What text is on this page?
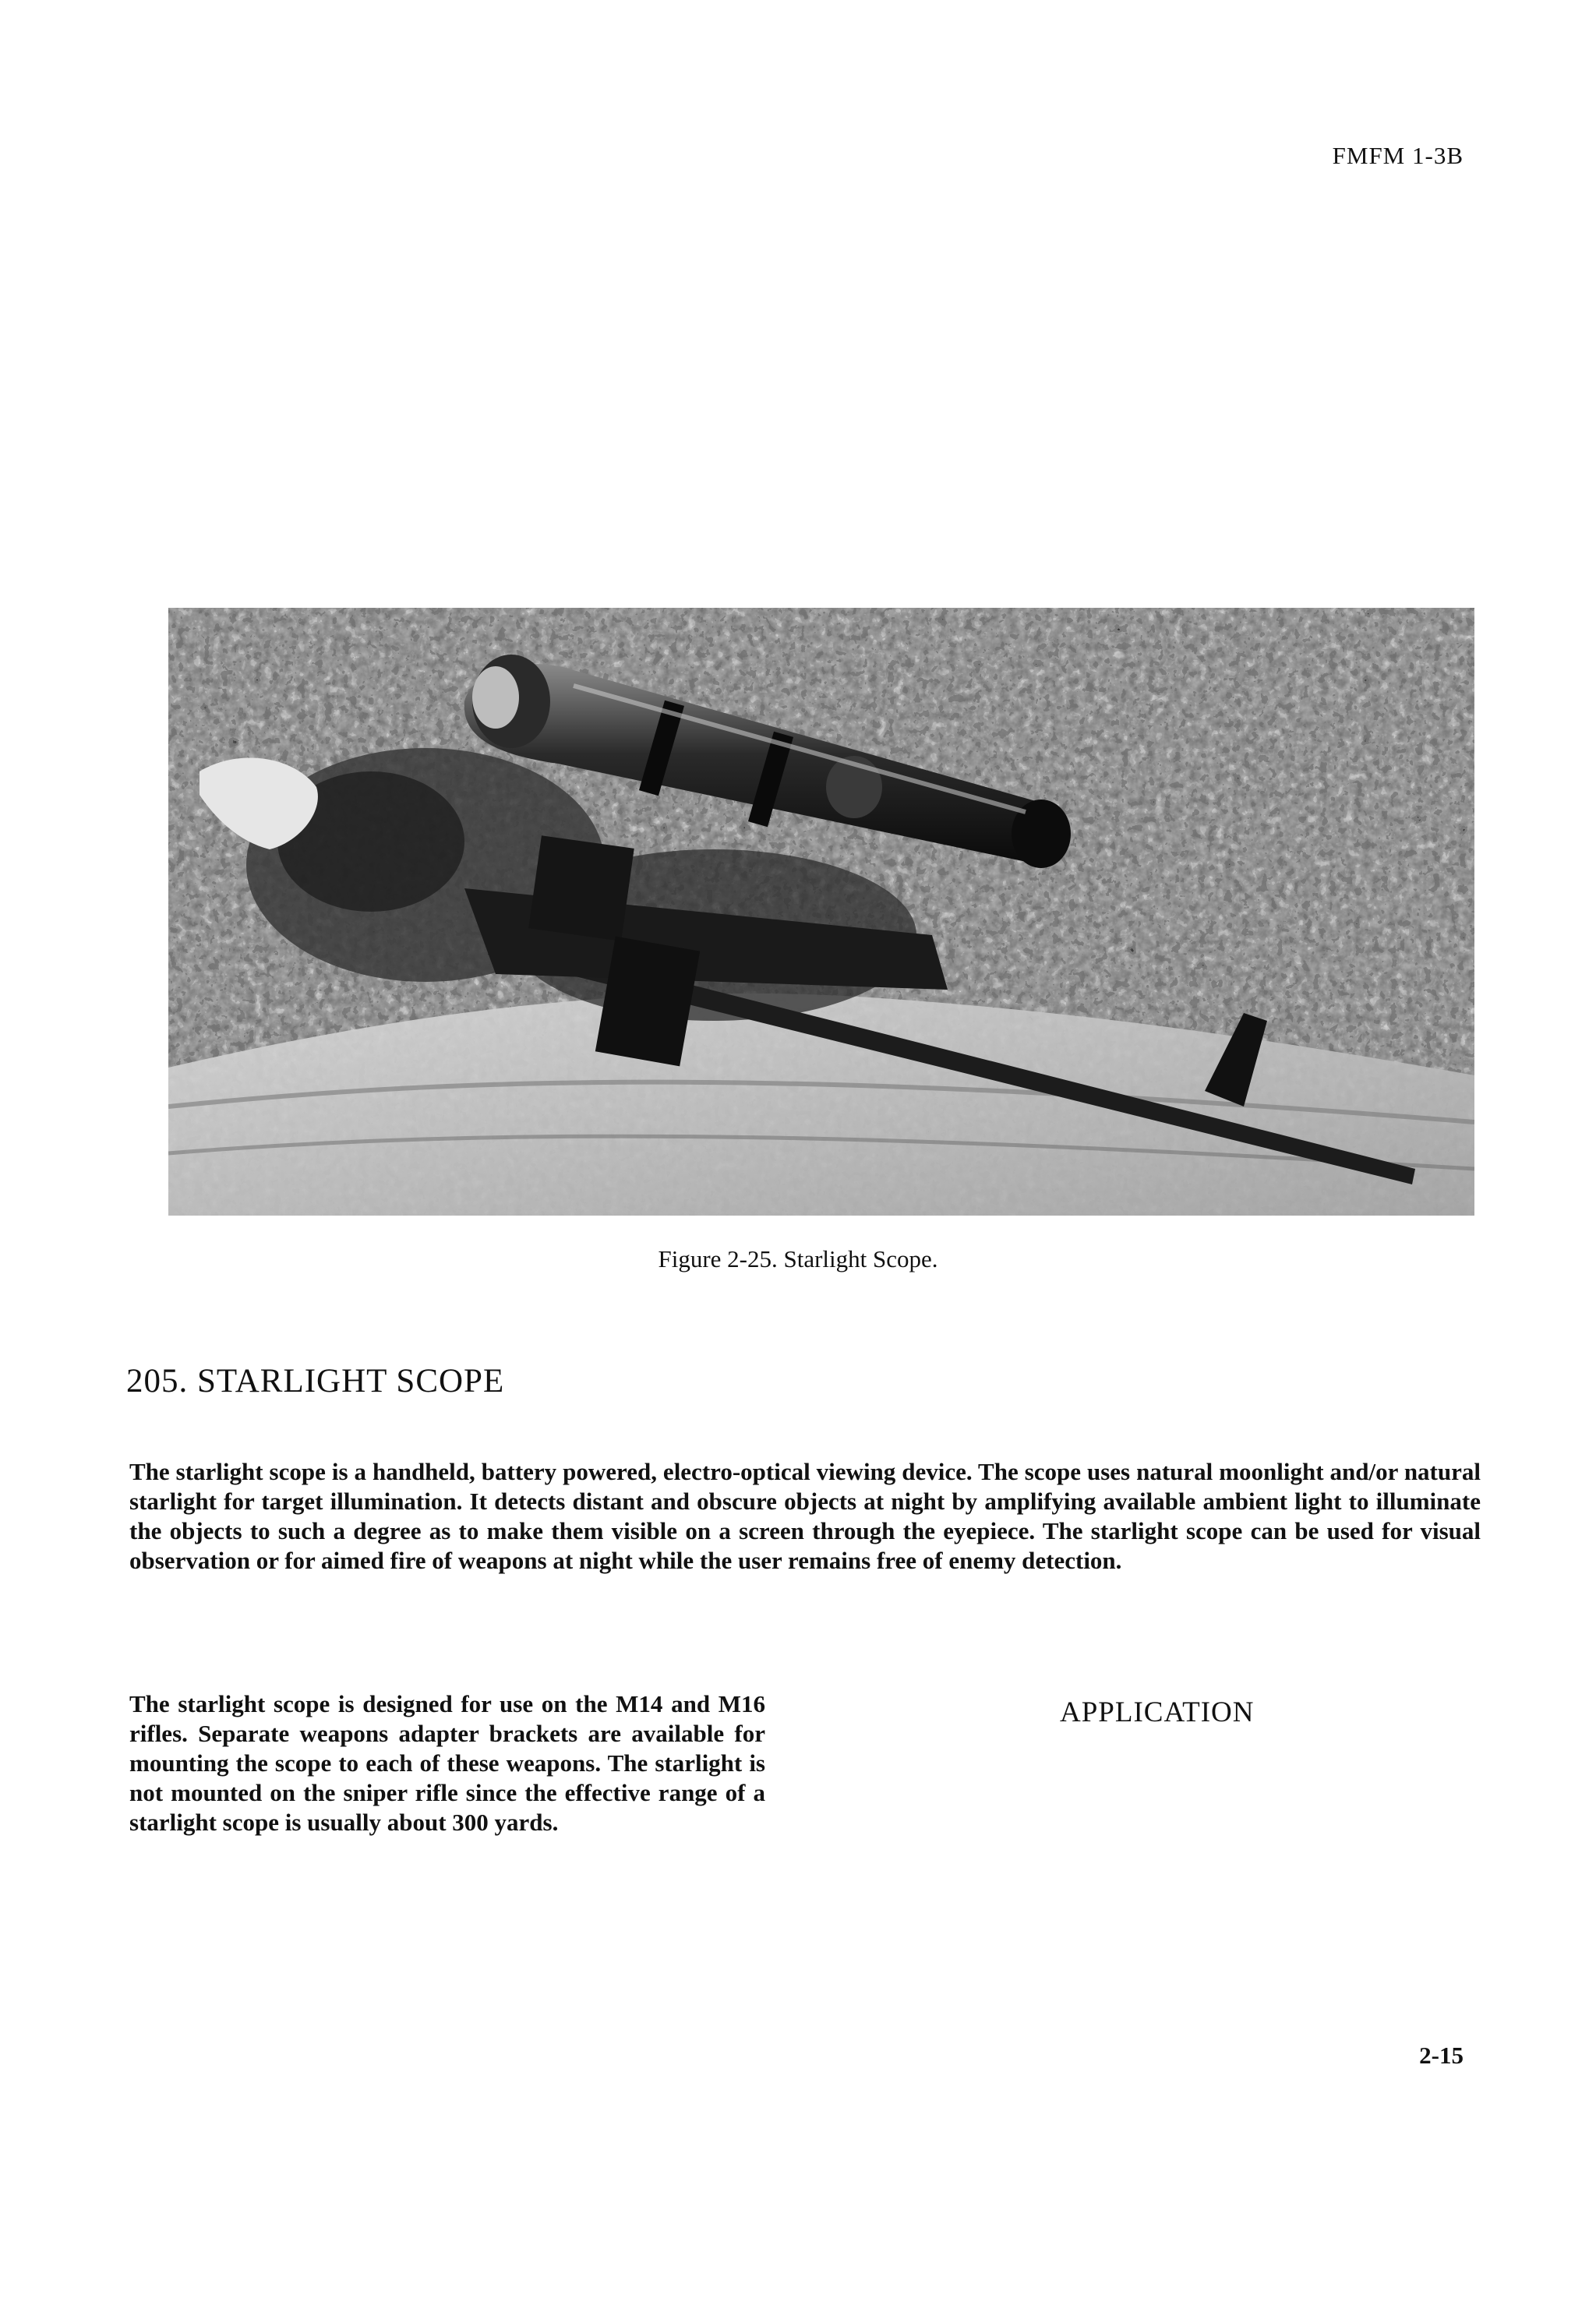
FMFM 1-3B
Figure 2-25. Starlight Scope.
205. STARLIGHT SCOPE
The starlight scope is a handheld, battery powered, electro-optical viewing device. The scope uses natural moonlight and/or natural starlight for target illumination. It detects distant and obscure objects at night by amplifying available ambient light to illuminate the objects to such a degree as to make them visible on a screen through the eyepiece. The starlight scope can be used for visual observation or for aimed fire of weapons at night while the user remains free of enemy detection.
The starlight scope is designed for use on the M14 and M16 rifles. Separate weapons adapter brackets are available for mounting the scope to each of these weapons. The starlight is not mounted on the sniper rifle since the effective range of a starlight scope is usually about 300 yards.
APPLICATION
2-15
